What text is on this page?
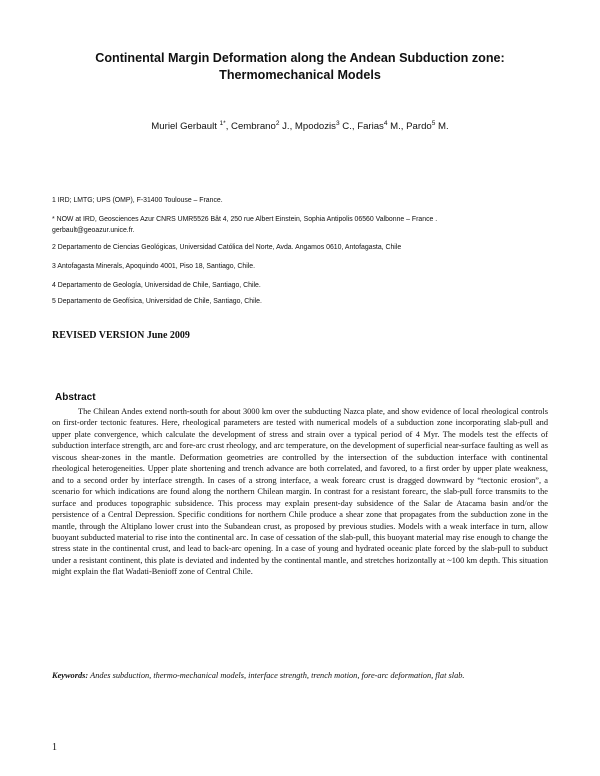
Continental Margin Deformation along the Andean Subduction zone:
Thermomechanical Models
Muriel Gerbault $^{1*}$, Cembrano$^2$ J., Mpodozis$^3$ C., Farias$^4$ M., Pardo$^5$ M.
1 IRD; LMTG; UPS (OMP), F-31400 Toulouse – France.
* NOW at IRD, Geosciences Azur CNRS UMR5526 Bât 4, 250 rue Albert Einstein, Sophia Antipolis 06560 Valbonne – France .
gerbault@geoazur.unice.fr.
2 Departamento de Ciencias Geológicas, Universidad Católica del Norte, Avda. Angamos 0610, Antofagasta, Chile
3 Antofagasta Minerals, Apoquindo 4001, Piso 18, Santiago, Chile.
4 Departamento de Geología, Universidad de Chile, Santiago, Chile.
5 Departamento de Geofísica, Universidad de Chile, Santiago, Chile.
REVISED VERSION June 2009
Abstract

The Chilean Andes extend north-south for about 3000 km over the subducting Nazca plate, and show evidence of local rheological controls on first-order tectonic features. Here, rheological parameters are tested with numerical models of a subduction zone incorporating slab-pull and upper plate convergence, which calculate the development of stress and strain over a typical period of 4 Myr. The models test the effects of subduction interface strength, arc and fore-arc crust rheology, and arc temperature, on the development of superficial near-surface faulting as well as viscous shear-zones in the mantle. Deformation geometries are controlled by the intersection of the subduction interface with continental rheological heterogeneities. Upper plate shortening and trench advance are both correlated, and favored, to a first order by upper plate weakness, and to a second order by interface strength. In cases of a strong interface, a weak forearc crust is dragged downward by “tectonic erosion”, a scenario for which indications are found along the northern Chilean margin. In contrast for a resistant forearc, the slab-pull force transmits to the surface and produces topographic subsidence. This process may explain present-day subsidence of the Salar de Atacama basin and/or the persistence of a Central Depression. Specific conditions for northern Chile produce a shear zone that propagates from the subduction zone in the mantle, through the Altiplano lower crust into the Subandean crust, as proposed by previous studies. Models with a weak interface in turn, allow buoyant subducted material to rise into the continental arc. In case of cessation of the slab-pull, this buoyant material may rise enough to change the stress state in the continental crust, and lead to back-arc opening. In a case of young and hydrated oceanic plate forced by the slab-pull to subduct under a resistant continent, this plate is deviated and indented by the continental mantle, and stretches horizontally at ~100 km depth. This situation might explain the flat Wadati-Benioff zone of Central Chile.

Keywords: Andes subduction, thermo-mechanical models, interface strength, trench motion, fore-arc deformation, flat slab.

1
